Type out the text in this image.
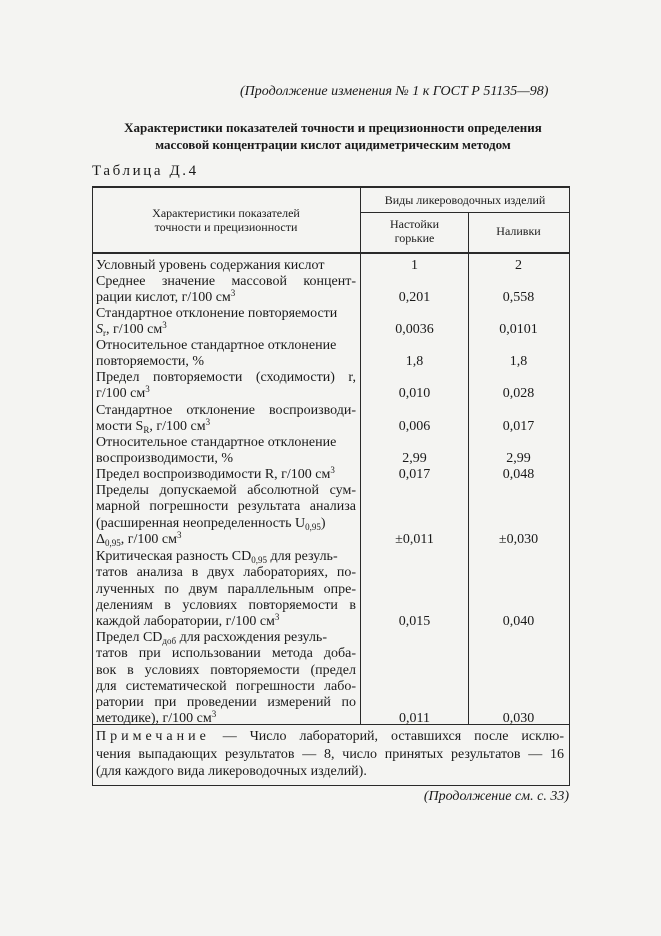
(Продолжение изменения № 1 к ГОСТ Р 51135—98)
Характеристики показателей точности и прецизионности определения
массовой концентрации кислот ацидиметрическим методом
Таблица Д.4
Характеристики показателей
точности и прецизионности
Виды ликероводочных изделий
Настойки
горькие	Наливки
Условный уровень содержания кислот	1	2
Среднее значение массовой концент-
рации кислот, г/100 $см^3$	0,201	0,558
Стандартное отклонение повторяемости
$S_r$, г/100 $см^3$	0,0036	0,0101
Относительное стандартное отклонение
повторяемости, %	1,8	1,8
Предел повторяемости (сходимости) r,
г/100 $см^3$	0,010	0,028
Стандартное отклонение воспроизводи-
мости $S_R$, г/100 $см^3$	0,006	0,017
Относительное стандартное отклонение
воспроизводимости, %	2,99	2,99
Предел воспроизводимости R, г/100 $см^3$	0,017	0,048
Пределы допускаемой абсолютной сум-
марной погрешности результата анализа
(расширенная неопределенность $U_{0,95}$)
$\Delta_{0,95}$, г/100 $см^3$	±0,011	±0,030
Критическая разность $CD_{0,95}$ для резуль-
татов анализа в двух лабораториях, по-
лученных по двум параллельным опре-
делениям в условиях повторяемости в
каждой лаборатории, г/100 $см^3$	0,015	0,040
Предел $CD_{доб}$ для расхождения резуль-
татов при использовании метода доба-
вок в условиях повторяемости (предел
для систематической погрешности лабо-
ратории при проведении измерений по
методике), г/100 $см^3$	0,011	0,030
Примечание — Число лабораторий, оставшихся после исклю-
чения выпадающих результатов — 8, число принятых результатов — 16
(для каждого вида ликероводочных изделий).
(Продолжение см. с. 33)
